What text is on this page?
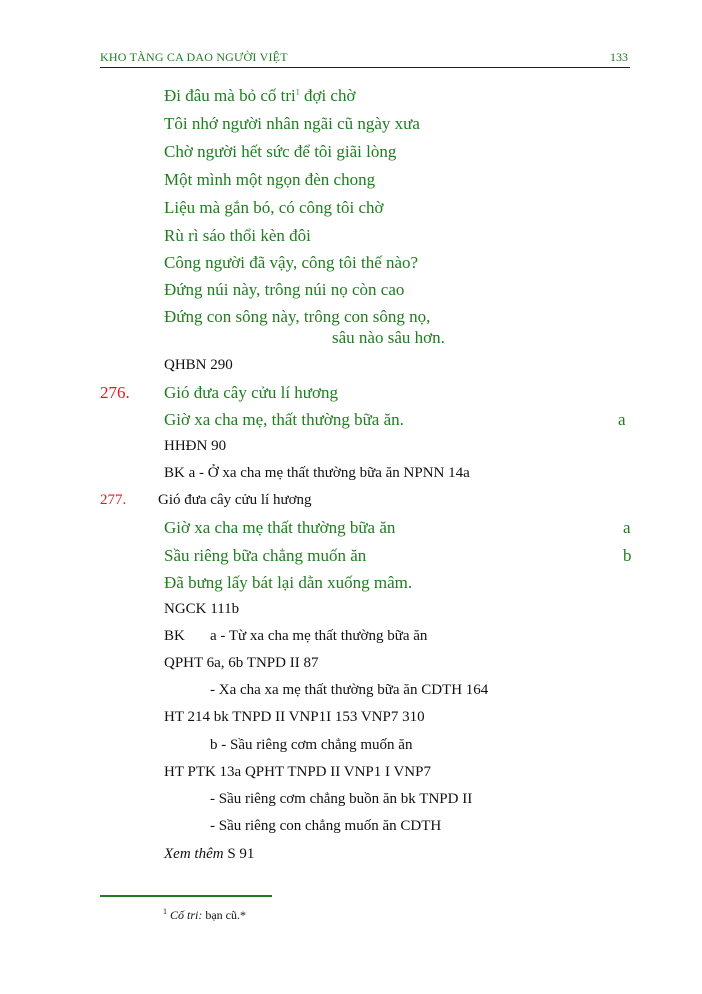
KHO TÀNG CA DAO NGƯỜI VIỆT	133
Đi đâu mà bỏ cố tri$^1$ đợi chờ
Tôi nhớ người nhân ngãi cũ ngày xưa
Chờ người hết sức để tôi giãi lòng
Một mình một ngọn đèn chong
Liệu mà gắn bó, có công tôi chờ
Rù rì sáo thổi kèn đôi
Công người đã vậy, công tôi thế nào?
Đứng núi này, trông núi nọ còn cao
Đứng con sông này, trông con sông nọ,
sâu nào sâu hơn.
QHBN 290
276. Gió đưa cây cửu lí hương
Giờ xa cha mẹ, thất thường bữa ăn.	a
HHĐN 90
BK a - Ở xa cha mẹ thất thường bữa ăn NPNN 14a
277. Gió đưa cây cửu lí hương
Giờ xa cha mẹ thất thường bữa ăn	a
Sầu riêng bữa chẳng muốn ăn	b
Đã bưng lấy bát lại dằn xuống mâm.
NGCK 111b
BK a - Từ xa cha mẹ thất thường bữa ăn
QPHT 6a, 6b TNPD II 87
- Xa cha xa mẹ thất thường bữa ăn CDTH 164
HT 214 bk TNPD II VNP1I 153 VNP7 310
b - Sầu riêng cơm chẳng muốn ăn
HT PTK 13a QPHT TNPD II VNP1 I VNP7
- Sầu riêng cơm chẳng buồn ăn bk TNPD II
- Sầu riêng con chẳng muốn ăn CDTH
Xem thêm S 91
$^1$ Cố tri: bạn cũ.*
